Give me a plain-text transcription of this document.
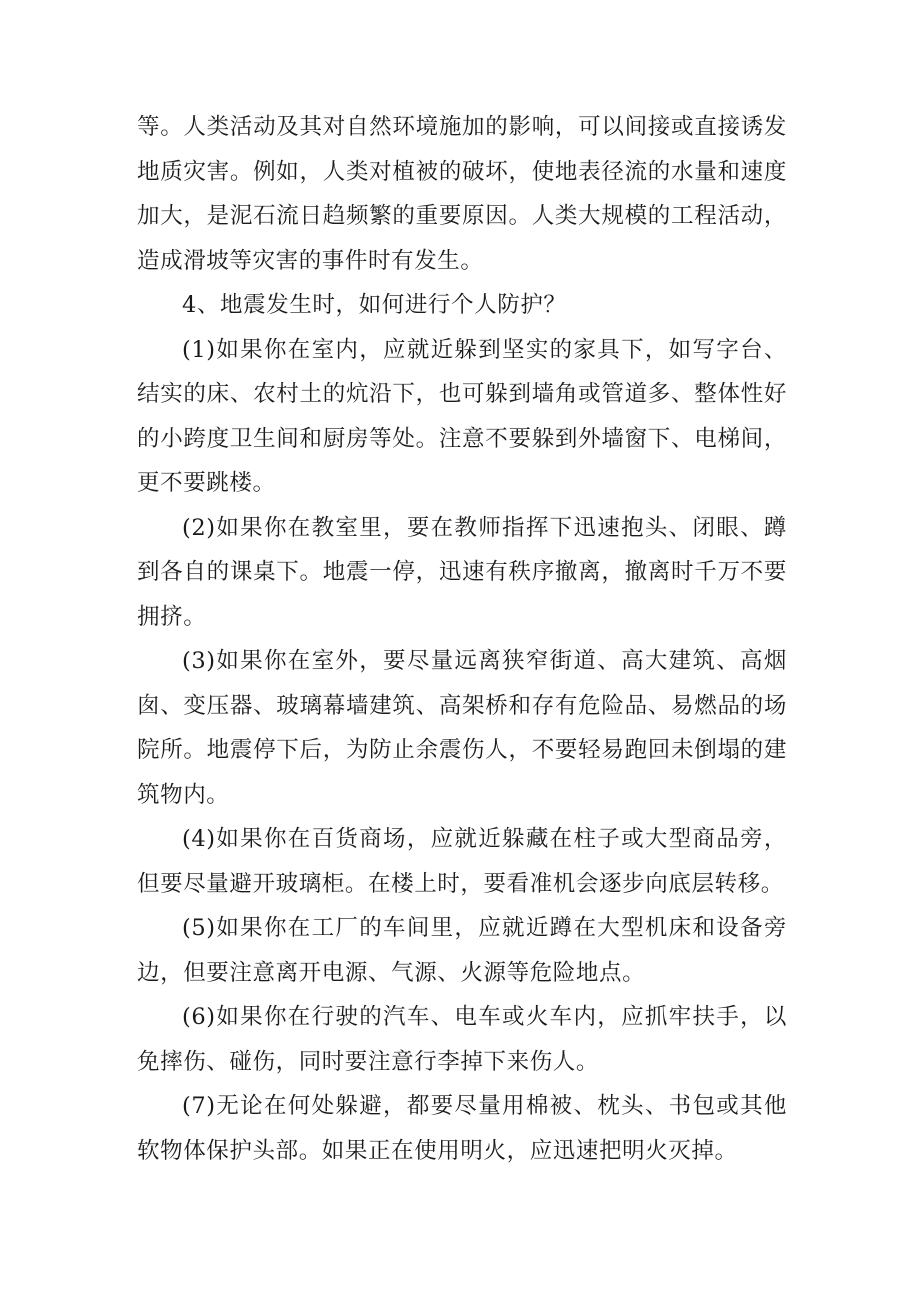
等。人类活动及其对自然环境施加的影响，可以间接或直接诱发地质灾害。例如，人类对植被的破坏，使地表径流的水量和速度加大，是泥石流日趋频繁的重要原因。人类大规模的工程活动，造成滑坡等灾害的事件时有发生。

4、地震发生时，如何进行个人防护？

(1)如果你在室内，应就近躲到坚实的家具下，如写字台、结实的床、农村土的炕沿下，也可躲到墙角或管道多、整体性好的小跨度卫生间和厨房等处。注意不要躲到外墙窗下、电梯间，更不要跳楼。

(2)如果你在教室里，要在教师指挥下迅速抱头、闭眼、蹲到各自的课桌下。地震一停，迅速有秩序撤离，撤离时千万不要拥挤。

(3)如果你在室外，要尽量远离狭窄街道、高大建筑、高烟囱、变压器、玻璃幕墙建筑、高架桥和存有危险品、易燃品的场院所。地震停下后，为防止余震伤人，不要轻易跑回未倒塌的建筑物内。

(4)如果你在百货商场，应就近躲藏在柱子或大型商品旁，但要尽量避开玻璃柜。在楼上时，要看准机会逐步向底层转移。

(5)如果你在工厂的车间里，应就近蹲在大型机床和设备旁边，但要注意离开电源、气源、火源等危险地点。

(6)如果你在行驶的汽车、电车或火车内，应抓牢扶手，以免摔伤、碰伤，同时要注意行李掉下来伤人。

(7)无论在何处躲避，都要尽量用棉被、枕头、书包或其他软物体保护头部。如果正在使用明火，应迅速把明火灭掉。
